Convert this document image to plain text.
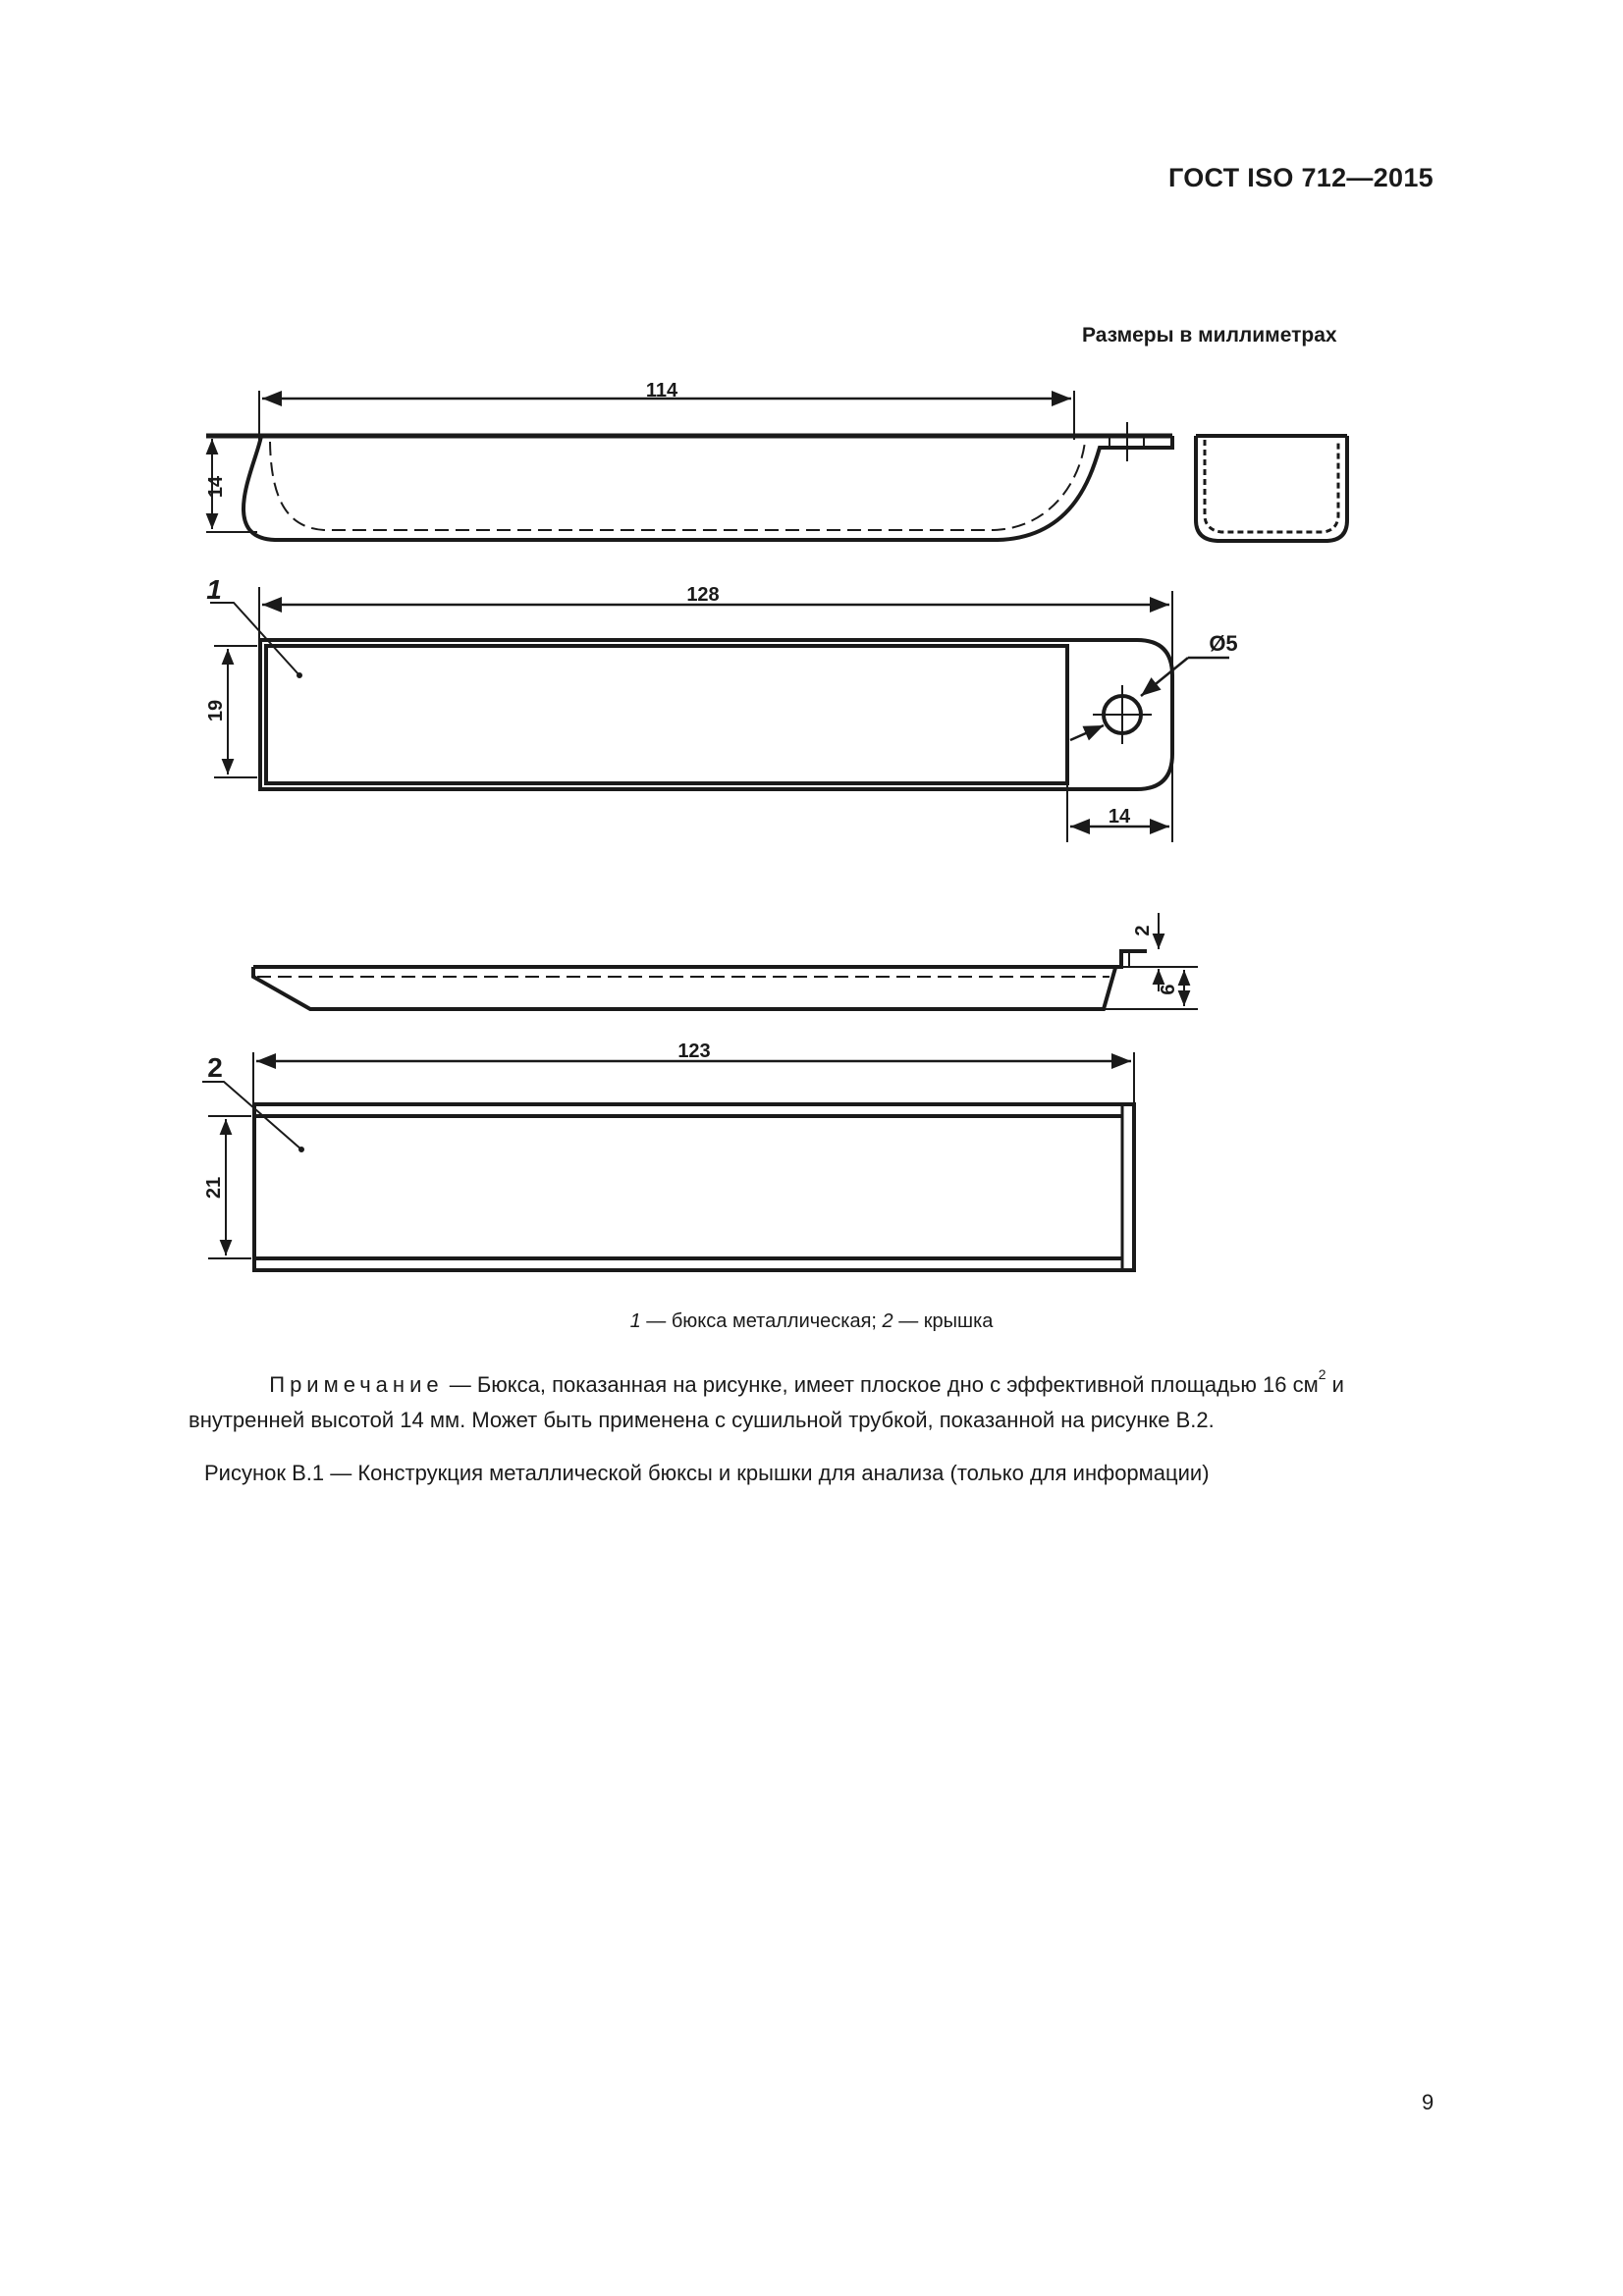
ГОСТ ISO 712—2015
Размеры в миллиметрах
114
14
128
Ø5
14
19
1
2
6
123
21
2
1 — бюкса металлическая; 2 — крышка
Примечание — Бюкса, показанная на рисунке, имеет плоское дно с эффективной площадью 16 $см^2$ и внутренней высотой 14 мм. Может быть применена с сушильной трубкой, показанной на рисунке В.2.
Рисунок В.1 — Конструкция металлической бюксы и крышки для анализа (только для информации)
9
